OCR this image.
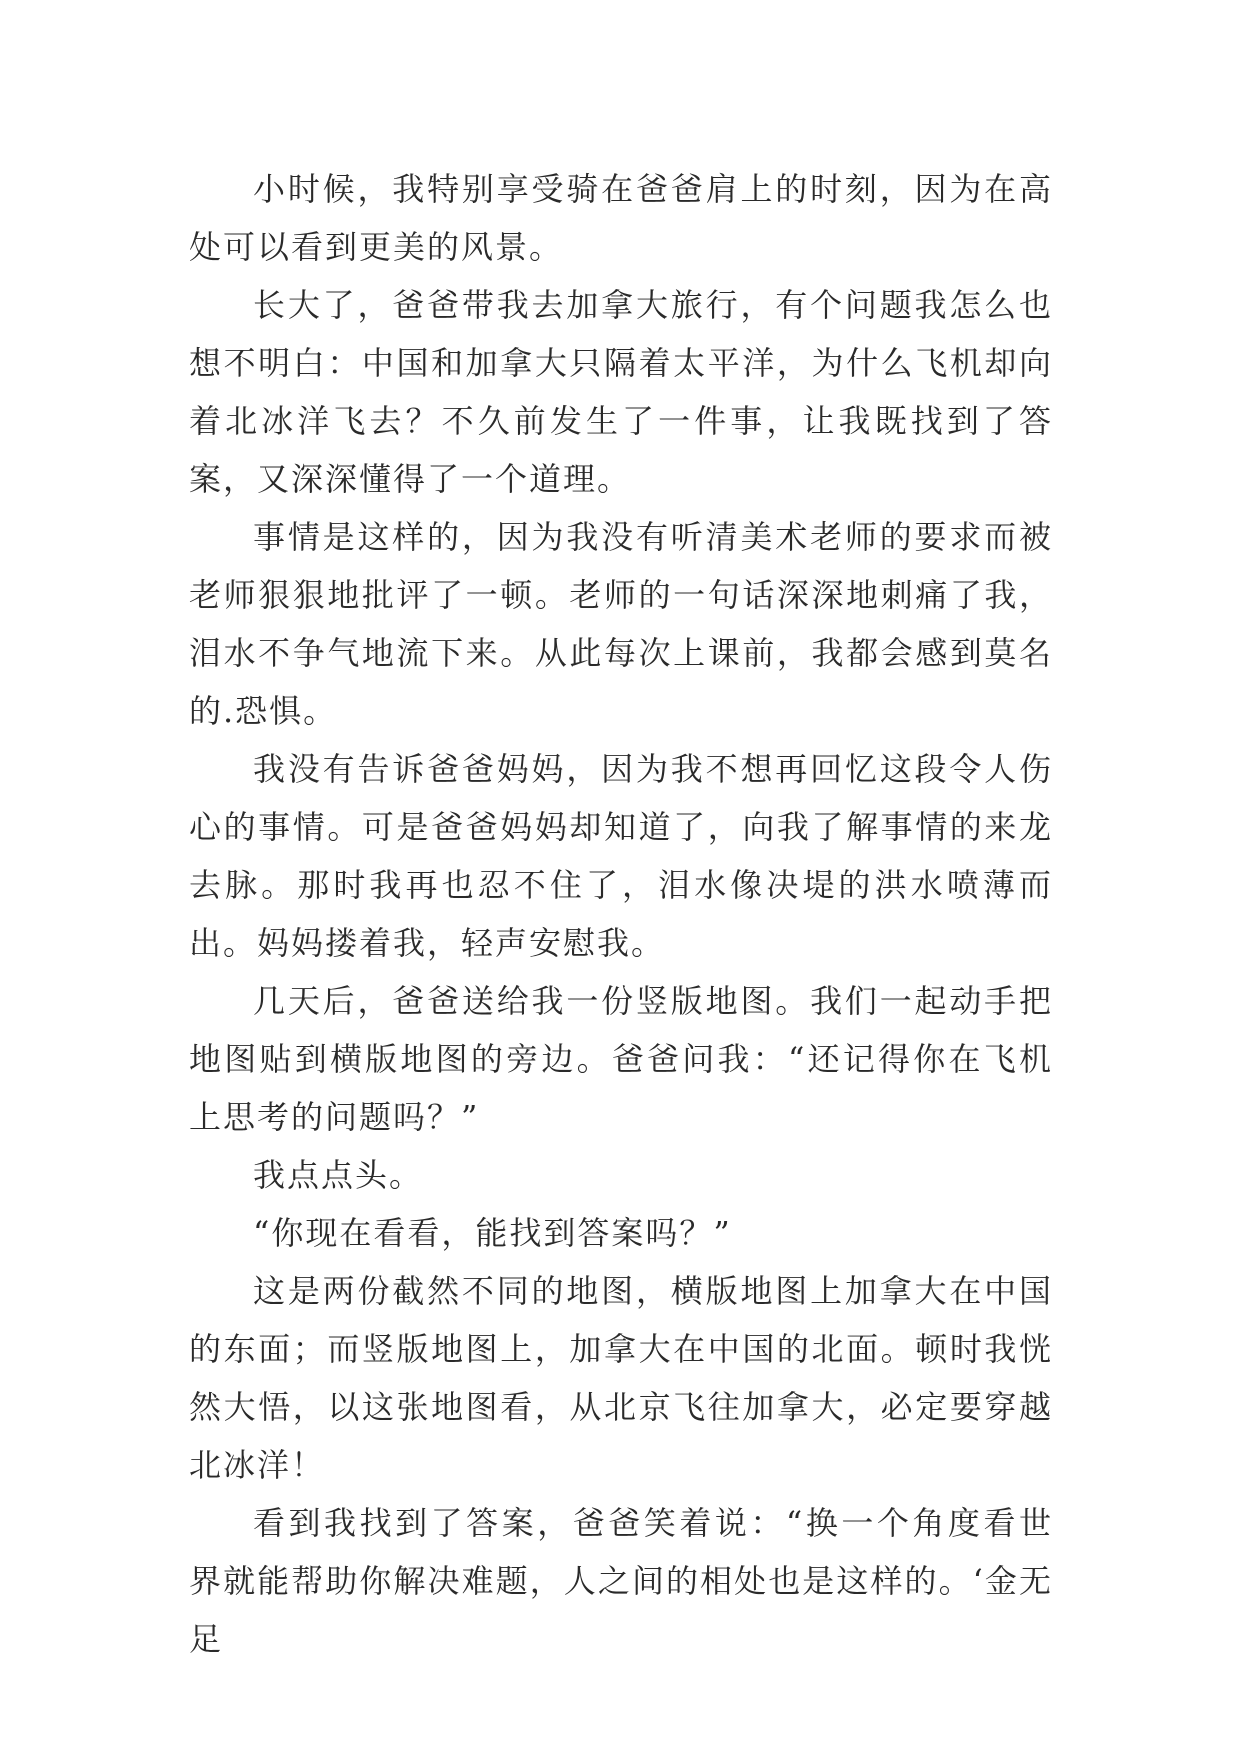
小时候，我特别享受骑在爸爸肩上的时刻，因为在高处可以看到更美的风景。

长大了，爸爸带我去加拿大旅行，有个问题我怎么也想不明白：中国和加拿大只隔着太平洋，为什么飞机却向着北冰洋飞去？不久前发生了一件事，让我既找到了答案，又深深懂得了一个道理。

事情是这样的，因为我没有听清美术老师的要求而被老师狠狠地批评了一顿。老师的一句话深深地刺痛了我，泪水不争气地流下来。从此每次上课前，我都会感到莫名的.恐惧。

我没有告诉爸爸妈妈，因为我不想再回忆这段令人伤心的事情。可是爸爸妈妈却知道了，向我了解事情的来龙去脉。那时我再也忍不住了，泪水像决堤的洪水喷薄而出。妈妈搂着我，轻声安慰我。

几天后，爸爸送给我一份竖版地图。我们一起动手把地图贴到横版地图的旁边。爸爸问我：“还记得你在飞机上思考的问题吗？”

我点点头。

“你现在看看，能找到答案吗？”

这是两份截然不同的地图，横版地图上加拿大在中国的东面；而竖版地图上，加拿大在中国的北面。顿时我恍然大悟，以这张地图看，从北京飞往加拿大，必定要穿越北冰洋！

看到我找到了答案，爸爸笑着说：“换一个角度看世界就能帮助你解决难题，人之间的相处也是这样的。‘金无足
